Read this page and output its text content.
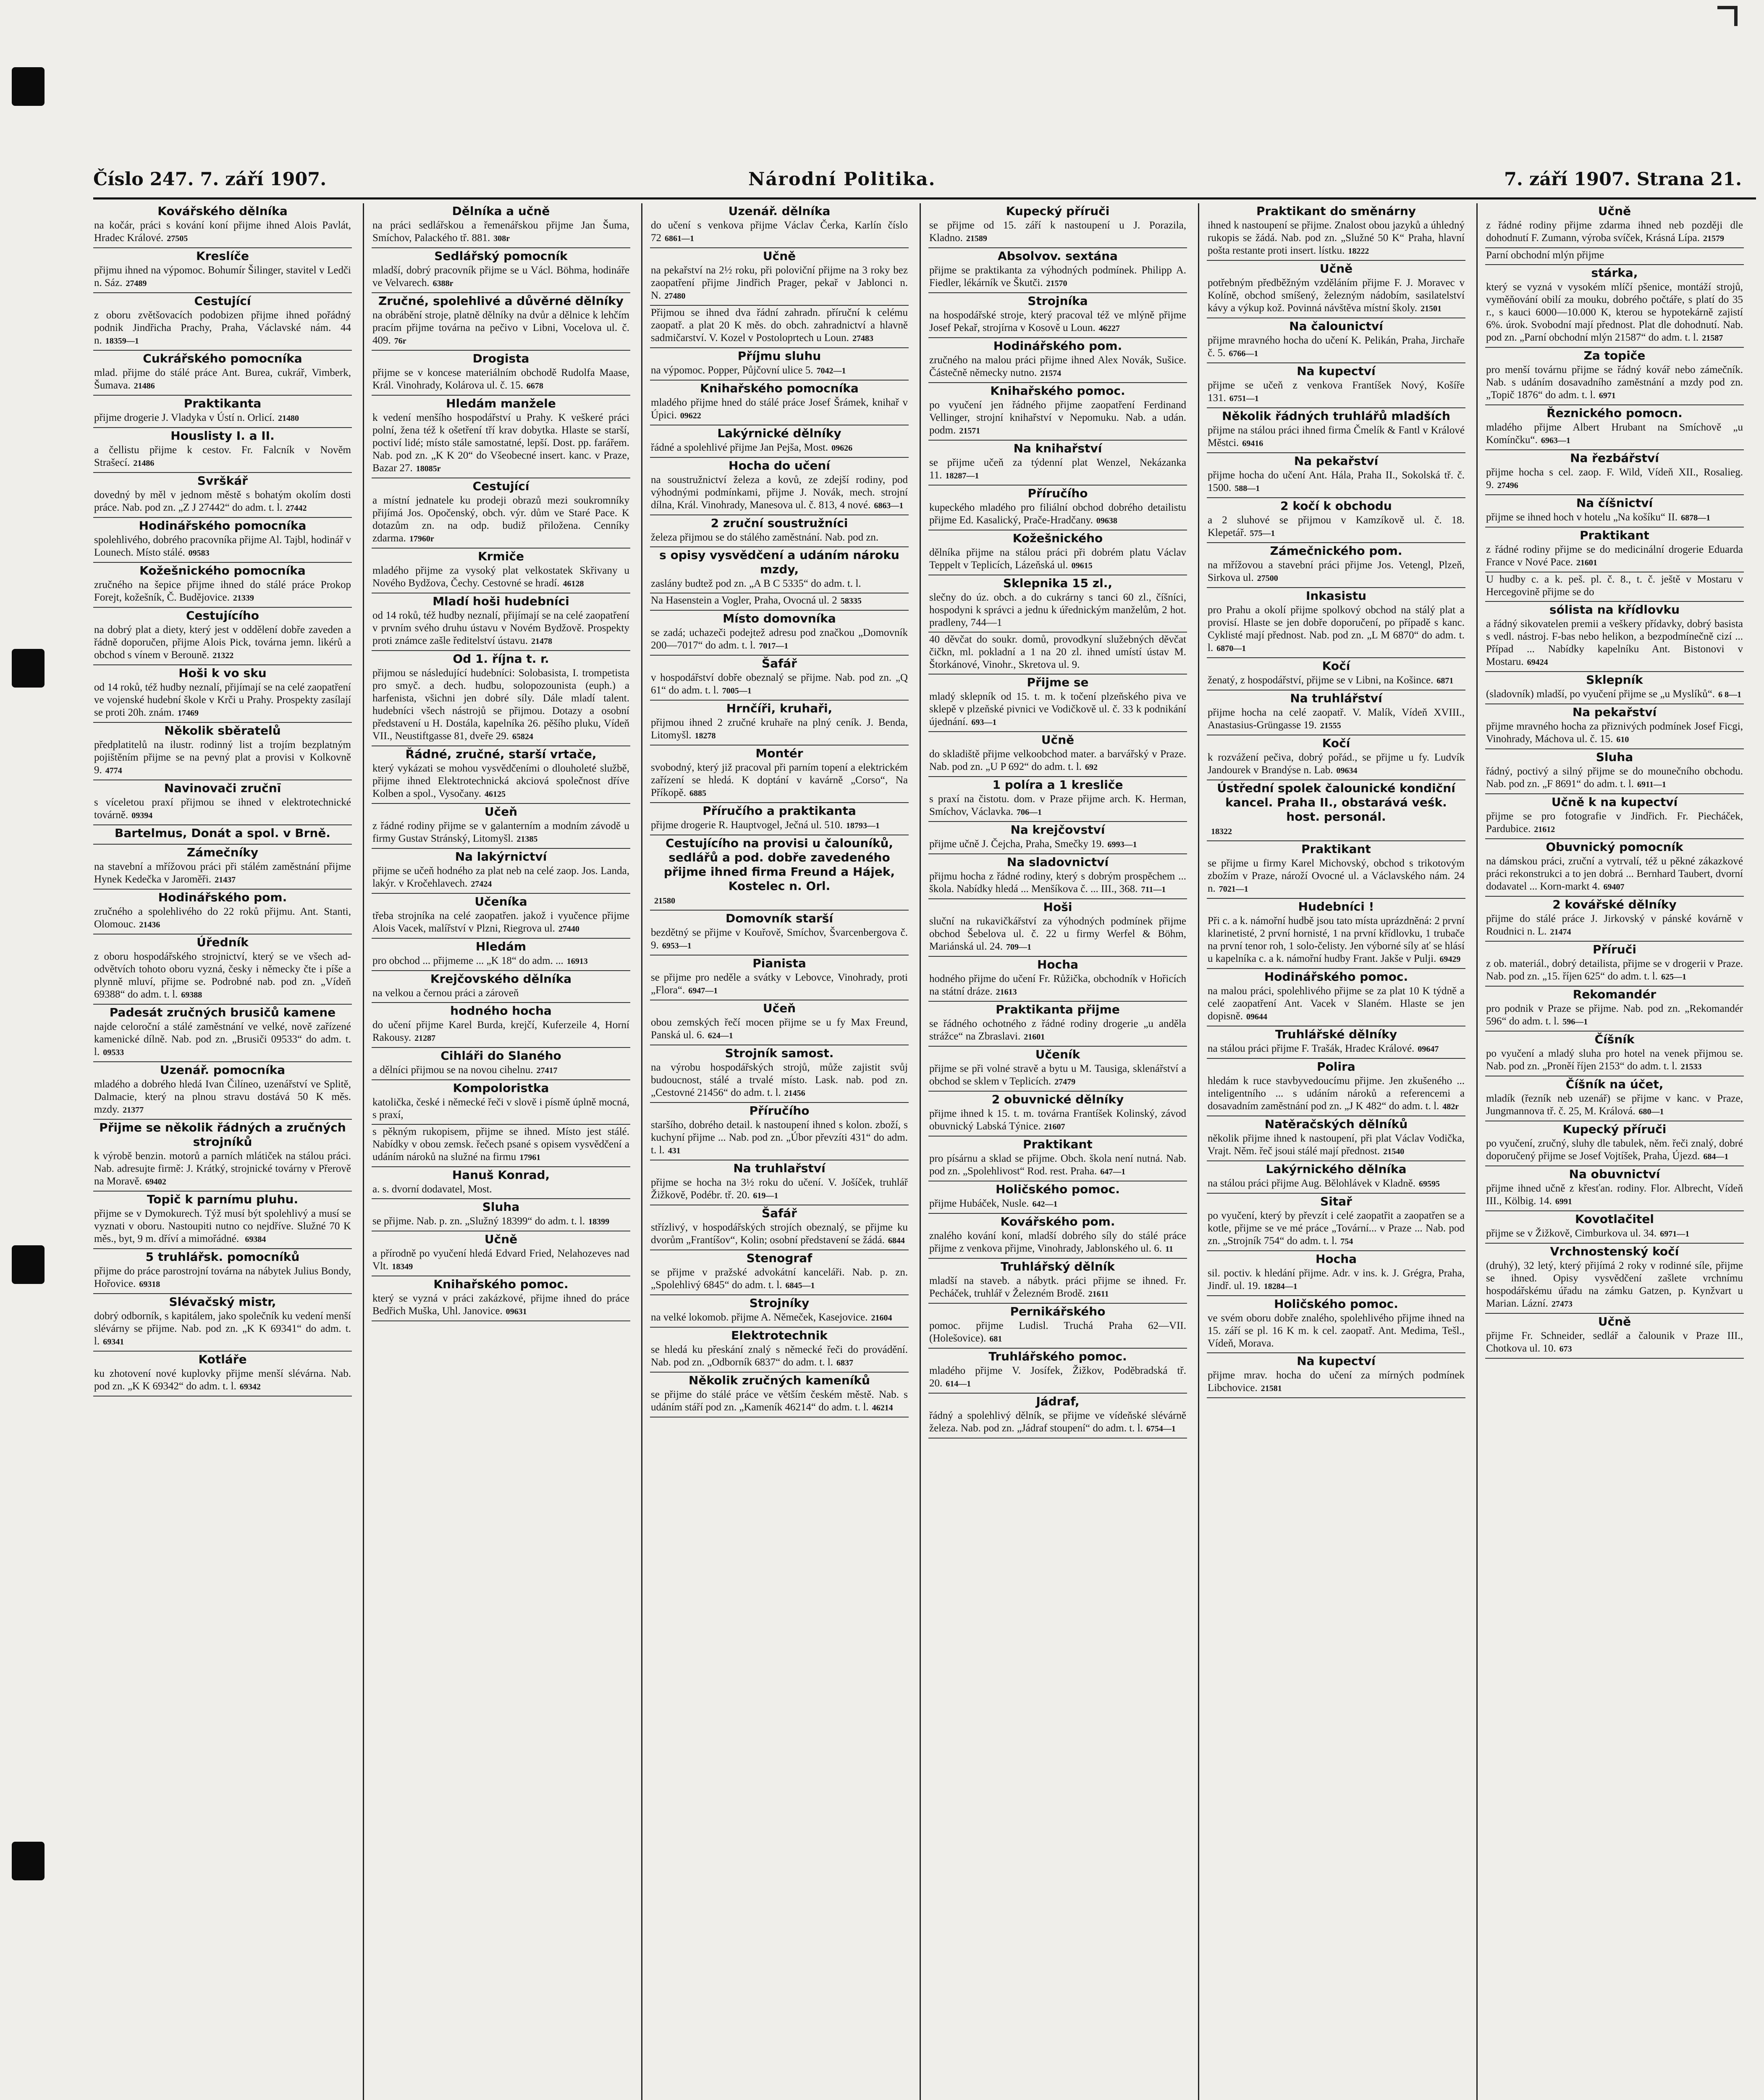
Číslo 247. 7. září 1907.	Národní Politika.	7. září 1907. Strana 21.
Kovářského dělníka
na kočár, práci s kování koní přijme ihned Alois Pavlát, Hradec Králové. 27505
Kreslíče
přijmu ihned na výpomoc. Bohumír Šilinger, stavitel v Ledči n. Sáz. 27489
Cestující
z oboru zvětšovacích podobizen přijme ihned pořádný podnik Jindřicha Prachy, Praha, Václavské nám. 44 n. 18359—1
Cukrářského pomocníka
mlad. přijme do stálé práce Ant. Burea, cukrář, Vimberk, Šumava. 21486
Praktikanta
přijme drogerie J. Vladyka v Ústí n. Orlicí. 21480
Houslisty I. a II.
a čellistu přijme k cestov. Fr. Falcník v Nověm Strašecí. 21486
Svrškář
dovedný by měl v jednom městě s bohatým okolím dosti práce. Nab. pod zn. „Z J 27442“ do adm. t. l. 27442
Hodinářského pomocníka
spolehlivého, dobrého pracovníka přijme Al. Tajbl, hodinář v Lounech. Místo stálé. 09583
Kožešnického pomocníka
zručného na šepice přijme ihned do stálé práce Prokop Forejt, kožešník, Č. Budějovice. 21339
Cestujícího
na dobrý plat a diety, který jest v oddělení dobře zaveden a řádně doporučen, přijme Alois Pick, továrna jemn. likérů a obchod s vínem v Berouně. 21322
Hoši k vo sku
od 14 roků, též hudby neznalí, přijímají se na celé zaopatření ve vojenské hudební škole v Krči u Prahy. Prospekty zasílají se proti 20h. znám. 17469
Několik sběratelů
předplatitelů na ilustr. rodinný list a trojím bezplatným pojištěním přijme se na pevný plat a provisi v Kolkovně 9. 4774
Navinovači zručnī
s víceletou praxí přijmou se ihned v elektrotechnické továrně. 09394
Bartelmus, Donát a spol. v Brně.
Zámečníky
na stavební a mřížovou práci při stálém zaměstnání přijme Hynek Kedečka v Jaroměři. 21437
Hodinářského pom.
zručného a spolehlivého do 22 roků přijmu. Ant. Stanti, Olomouc. 21436
Úředník
z oboru hospodářského strojnictví, který se ve všech ad-odvětvích tohoto oboru vyzná, česky i německy čte i píše a plynně mluví, přijme se. Podrobné nab. pod zn. „Vídeň 69388“ do adm. t. l. 69388
Padesát zručných brusičů kamene
najde celoroční a stálé zaměstnání ve velké, nově zařízené kamenické dílně. Nab. pod zn. „Brusiči 09533“ do adm. t. l. 09533
Uzenář. pomocníka
mladého a dobrého hledá Ivan Čilíneo, uzenářství ve Splitě, Dalmacie, který na plnou stravu dostává 50 K měs. mzdy. 21377
Přijme se několik řádných a zručných strojníků
k výrobě benzin. motorů a parních mlátiček na stálou práci. Nab. adresujte firmě: J. Krátký, strojnické továrny v Přerově na Moravě. 69402
Topič k parnímu pluhu.
přijme se v Dymokurech. Týž musí být spolehlivý a musí se vyznati v oboru. Nastoupiti nutno co nejdříve. Služné 70 K měs., byt, 9 m. dříví a mimořádné. 69384
5 truhlářsk. pomocníků
přijme do práce parostrojní továrna na nábytek Julius Bondy, Hořovice. 69318
Slévačský mistr,
dobrý odborník, s kapitálem, jako společník ku vedení menší slévárny se přijme. Nab. pod zn. „K K 69341“ do adm. t. l. 69341
Kotláře
ku zhotovení nové kuplovky přijme menší slévárna. Nab. pod zn. „K K 69342“ do adm. t. l. 69342
Dělníka a učně
na práci sedlářskou a řemenářskou přijme Jan Šuma, Smíchov, Palackého tř. 881. 308r
Sedlářský pomocník
mladší, dobrý pracovník přijme se u Václ. Böhma, hodináře ve Velvarech. 6388r
Zručné, spolehlivé a důvěrné dělníky
na obrábění stroje, platně dělníky na dvůr a dělnice k lehčím pracím přijme továrna na pečivo v Libni, Vocelova ul. č. 409. 76r
Drogista
přijme se v koncese materiálním obchodě Rudolfa Maase, Král. Vinohrady, Kolárova ul. č. 15. 6678
Hledám manžele
k vedení menšího hospodářství u Prahy. K veškeré práci polní, žena též k ošetření tří krav dobytka. Hlaste se starší, poctiví lidé; místo stále samostatné, lepší. Dost. pp. farářem. Nab. pod zn. „K K 20“ do Všeobecné insert. kanc. v Praze, Bazar 27. 18085r
Cestující
a místní jednatele ku prodeji obrazů mezi soukromníky přijímá Jos. Opočenský, obch. výr. dům ve Staré Pace. K dotazům zn. na odp. budiž přiložena. Cenníky zdarma. 17960r
Krmiče
mladého přijme za vysoký plat velkostatek Skřivany u Nového Bydžova, Čechy. Cestovné se hradí. 46128
Mladí hoši hudebníci
od 14 roků, též hudby neznalí, přijímají se na celé zaopatření v prvním svého druhu ústavu v Novém Bydžově. Prospekty proti známce zašle ředitelství ústavu. 21478
Od 1. října t. r.
přijmou se následující hudebníci: Solobasista, I. trompetista pro smyč. a dech. hudbu, solopozounista (euph.) a harfenista, všichni jen dobré síly. Dále mladí talent. hudebníci všech nástrojů se přijmou. Dotazy a osobní představení u H. Dostála, kapelníka 26. pěšího pluku, Vídeň VII., Neustiftgasse 81, dveře 29. 65824
Řádné, zručné, starší vrtače,
který vykázati se mohou vysvědčeními o dlouholeté službě, přijme ihned Elektrotechnická akciová společnost dříve Kolben a spol., Vysočany. 46125
Učeň
z řádné rodiny přijme se v galanterním a modním závodě u firmy Gustav Stránský, Litomyšl. 21385
Na lakýrnictví
přijme se učeň hodného za plat neb na celé zaop. Jos. Landa, lakýr. v Kročehlavech. 27424
Učeníka
třeba strojníka na celé zaopatřen. jakož i vyučence přijme Alois Vacek, malířství v Plzni, Riegrova ul. 27440
Hledám
pro obchod ... přijmeme ... „K 18“ do adm. ... 16913
Krejčovského dělníka
na velkou a černou práci a zároveň
hodného hocha
do učení přijme Karel Burda, krejčí, Kuferzeile 4, Horní Rakousy. 21287
Cihláři do Slaného
a dělníci přijmou se na novou cihelnu. 27417
Kompoloristka
katolička, české i německé řeči v slově i písmě úplně mocná, s praxí,
s pěkným rukopisem, přijme se ihned. Místo jest stálé. Nabídky v obou zemsk. řečech psané s opisem vysvědčení a udáním nároků na služné na firmu 17961
Hanuš Konrad,
a. s. dvorní dodavatel, Most.
Sluha
se přijme. Nab. p. zn. „Služný 18399“ do adm. t. l. 18399
Učně
a přírodně po vyučení hledá Edvard Fried, Nelahozeves nad Vlt. 18349
Knihařského pomoc.
který se vyzná v práci zakázkové, přijme ihned do práce Bedřich Muška, Uhl. Janovice. 09631
Uzenář. dělníka
do učení s venkova přijme Václav Čerka, Karlín číslo 72 6861—1
Učně
na pekařství na 2½ roku, při poloviční přijme na 3 roky bez zaopatření přijme Jindřich Prager, pekař v Jablonci n. N. 27480
Přijmou se ihned dva řádní zahradn. příruční k celému zaopatř. a plat 20 K měs. do obch. zahradnictví a hlavně sadmičarství. V. Kozel v Postoloprtech u Loun. 27483
Příjmu sluhu
na výpomoc. Popper, Půjčovní ulice 5. 7042—1
Knihařského pomocníka
mladého přijme hned do stálé práce Josef Šrámek, knihař v Úpici. 09622
Lakýrnické dělníky
řádné a spolehlivé přijme Jan Pejša, Most. 09626
Hocha do učení
na soustružnictví železa a kovů, ze zdejší rodiny, pod výhodnými podmínkami, přijme J. Novák, mech. strojní dílna, Král. Vinohrady, Manesova ul. č. 813, 4 nové. 6863—1
2 zruční soustružníci
železa přijmou se do stálého zaměstnání. Nab. pod zn.
s opisy vysvědčení a udáním nároku mzdy,
zaslány budtež pod zn. „A B C 5335“ do adm. t. l.
Na Hasenstein a Vogler, Praha, Ovocná ul. 2 58335
Místo domovníka
se zadá; uchazeči podejtež adresu pod značkou „Domovník 200—7017“ do adm. t. l. 7017—1
Šafář
v hospodářství dobře obeznalý se přijme. Nab. pod zn. „Q 61“ do adm. t. l. 7005—1
Hrnčíři, kruhaři,
přijmou ihned 2 zručné kruhaře na plný ceník. J. Benda, Litomyšl. 18278
Montér
svobodný, který již pracoval při parním topení a elektrickém zařízení se hledá. K doptání v kavárně „Corso“, Na Příkopě. 6885
Příručího a praktikanta
přijme drogerie R. Hauptvogel, Ječná ul. 510. 18793—1
Cestujícího na provisi u čalouníků, sedlářů a pod. dobře zavedeného přijme ihned firma Freund a Hájek, Kostelec n. Orl.
21580
Domovník starší
bezdětný se přijme v Kouřově, Smíchov, Švarcenbergova č. 9. 6953—1
Pianista
se přijme pro neděle a svátky v Lebovce, Vinohrady, proti „Flora“. 6947—1
Učeň
obou zemských řečí mocen přijme se u fy Max Freund, Panská ul. 6. 624—1
Strojník samost.
na výrobu hospodářských strojů, může zajistit svůj budoucnost, stálé a trvalé místo. Lask. nab. pod zn. „Cestovné 21456“ do adm. t. l. 21456
Příručího
staršího, dobrého detail. k nastoupení ihned s kolon. zboží, s kuchyní přijme ... Nab. pod zn. „Úbor převzíti 431“ do adm. t. l. 431
Na truhlařství
přijme se hocha na 3½ roku do učení. V. Jošíček, truhlář Žižkově, Podébr. tř. 20. 619—1
Šafář
střízlivý, v hospodářských strojích obeznalý, se přijme ku dvorům „Frantíšov“, Kolin; osobní představení se žádá. 6844
Stenograf
se přijme v pražské advokátní kanceláři. Nab. p. zn. „Spolehlivý 6845“ do adm. t. l. 6845—1
Strojníky
na velké lokomob. přijme A. Němeček, Kasejovice. 21604
Elektrotechnik
se hledá ku přeskání znalý s německé řeči do provádění. Nab. pod zn. „Odborník 6837“ do adm. t. l. 6837
Několik zručných kameníků
se přijme do stálé práce ve větším českém městě. Nab. s udáním stáří pod zn. „Kameník 46214“ do adm. t. l. 46214
Kupecký příruči
se přijme od 15. září k nastoupení u J. Porazila, Kladno. 21589
Absolvov. sextána
přijme se praktikanta za výhodných podmínek. Philipp A. Fiedler, lékárník ve Škutči. 21570
Strojníka
na hospodářské stroje, který pracoval též ve mlýně přijme Josef Pekař, strojírna v Kosově u Loun. 46227
Hodinářského pom.
zručného na malou práci přijme ihned Alex Novák, Sušice. Částečně německy nutno. 21574
Knihařského pomoc.
po vyučení jen řádného přijme zaopatření Ferdinand Vellinger, strojní knihařství v Nepomuku. Nab. a udán. podm. 21571
Na knihařství
se přijme učeň za týdenní plat Wenzel, Nekázanka 11. 18287—1
Příručího
kupeckého mladého pro filiální obchod dobrého detailistu přijme Ed. Kasalický, Prače-Hradčany. 09638
Kožešnického
dělníka přijme na stálou práci při dobrém platu Václav Teppelt v Teplicích, Lázeňská ul. 09615
Sklepnika 15 zl.,
slečny do úz. obch. a do cukrárny s tanci 60 zl., číšníci, hospodyni k správci a jednu k úřednickým manželům, 2 hot. pradleny, 744—1
40 děvčat do soukr. domů, provodkyní služebných děvčat čičkn, ml. pokladní a 1 na 20 zl. ihned umístí ústav M. Štorkánové, Vinohr., Skretova ul. 9.
Přijme se
mladý sklepník od 15. t. m. k točení plzeňského piva ve sklepě v plzeňské pivnici ve Vodičkově ul. č. 33 k podnikání újednání. 693—1
Učně
do skladiště přijme velkoobchod mater. a barvářský v Praze. Nab. pod zn. „U P 692“ do adm. t. l. 692
1 políra a 1 kresliče
s praxí na čistotu. dom. v Praze přijme arch. K. Herman, Smíchov, Václavka. 706—1
Na krejčovství
přijme učně J. Čejcha, Praha, Smečky 19. 6993—1
Na sladovnictví
přijmu hocha z řádné rodiny, který s dobrým prospěchem ... škola. Nabídky hledá ... Menšíkova č. ... III., 368. 711—1
Hoši
sluční na rukavičkářství za výhodných podmínek přijme obchod Šebelova ul. č. 22 u firmy Werfel & Böhm, Mariánská ul. 24. 709—1
Hocha
hodného přijme do učení Fr. Růžička, obchodník v Hořicích na státní dráze. 21613
Praktikanta přijme
se řádného ochotného z řádné rodiny drogerie „u anděla strážce“ na Zbraslavi. 21601
Učeník
přijme se při volné stravě a bytu u M. Tausiga, sklenářství a obchod se sklem v Teplicích. 27479
2 obuvnické dělníky
přijme ihned k 15. t. m. továrna Frantíšek Kolinský, závod obuvnický Labská Týnice. 21607
Praktikant
pro písárnu a sklad se přijme. Obch. škola není nutná. Nab. pod zn. „Spolehlivost“ Rod. rest. Praha. 647—1
Holičského pomoc.
přijme Hubáček, Nusle. 642—1
Kovářského pom.
znalého kování koní, mladší dobrého síly do stálé práce přijme z venkova přijme, Vinohrady, Jablonského ul. 6. 11
Truhlářský dělník
mladší na staveb. a nábytk. práci přijme se ihned. Fr. Pecháček, truhlář v Železném Brodě. 21611
Pernikářského
pomoc. přijme Ludisl. Truchá Praha 62—VII. (Holešovice). 681
Truhlářského pomoc.
mladého přijme V. Josífek, Žižkov, Poděbradská tř. 20. 614—1
Jádraf,
řádný a spolehlivý dělník, se přijme ve vídeňské slévárně železa. Nab. pod zn. „Jádraf stoupení“ do adm. t. l. 6754—1
Praktikant do směnárny
ihned k nastoupení se přijme. Znalost obou jazyků a úhledný rukopis se žádá. Nab. pod zn. „Služné 50 K“ Praha, hlavní pošta restante proti insert. lístku. 18222
Učně
potřebným předběžným vzděláním přijme F. J. Moravec v Kolíně, obchod smíšený, železným nádobím, sasilatelství kávy a výkup kož. Povinná návštěva místní školy. 21501
Na čalounictví
přijme mravného hocha do učení K. Pelikán, Praha, Jirchaře č. 5. 6766—1
Na kupectví
přijme se učeň z venkova Frantíšek Nový, Košíře 131. 6751—1
Několik řádných truhlářů mladších
přijme na stálou práci ihned firma Čmelík & Fantl v Králové Městci. 69416
Na pekařství
přijme hocha do učení Ant. Hála, Praha II., Sokolská tř. č. 1500. 588—1
2 kočí k obchodu
a 2 sluhové se přijmou v Kamzíkově ul. č. 18. Klepetář. 575—1
Zámečnického pom.
na mřížovou a stavební práci přijme Jos. Vetengl, Plzeň, Sirkova ul. 27500
Inkasistu
pro Prahu a okolí přijme spolkový obchod na stálý plat a provisí. Hlaste se jen dobře doporučení, po případě s kanc. Cyklisté mají přednost. Nab. pod zn. „L M 6870“ do adm. t. l. 6870—1
Kočí
ženatý, z hospodářství, přijme se v Libni, na Košince. 6871
Na truhlářství
přijme hocha na celé zaopatř. V. Malík, Vídeň XVIII., Anastasius-Grüngasse 19. 21555
Kočí
k rozvážení pečiva, dobrý pořád., se přijme u fy. Ludvík Jandourek v Brandýse n. Lab. 09634
Ústřední spolek čalounické kondiční kancel. Praha II., obstarává veśk. host. personál.
18322
Praktikant
se přijme u firmy Karel Michovský, obchod s trikotovým zbožím v Praze, nároží Ovocné ul. a Václavského nám. 24 n. 7021—1
Hudebníci !
Při c. a k. námořní hudbě jsou tato místa uprázdněná: 2 první klarinetisté, 2 první hornisté, 1 na první křídlovku, 1 trubače na první tenor roh, 1 solo-čelisty. Jen výborné síly ať se hlásí u kapelníka c. a k. námořní hudby Frant. Jakše v Pulji. 69429
Hodinářského pomoc.
na malou práci, spolehlivého přijme se za plat 10 K týdně a celé zaopatření Ant. Vacek v Slaném. Hlaste se jen dopisně. 09644
Truhlářské dělníky
na stálou práci přijme F. Trašák, Hradec Králové. 09647
Polira
hledám k ruce stavbyvedoucímu přijme. Jen zkušeného ... inteligentního ... s udáním nároků a referencemi a dosavadním zaměstnání pod zn. „J K 482“ do adm. t. l. 482r
Natěračských dělníků
několik přijme ihned k nastoupení, při plat Václav Vodička, Vrajt. Něm. řeč jsoui stálé mají přednost. 21540
Lakýrnického dělníka
na stálou práci přijme Aug. Bělohlávek v Kladně. 69595
Sitař
po vyučení, který by převzít i celé zaopatřit a zaopatřen se a kotle, přijme se ve mé práce „Tovární... v Praze ... Nab. pod zn. „Strojník 754“ do adm. t. l. 754
Hocha
sil. poctiv. k hledání přijme. Adr. v ins. k. J. Grégra, Praha, Jindř. ul. 19. 18284—1
Holičského pomoc.
ve svém oboru dobře znalého, spolehlivého přijme ihned na 15. září se pl. 16 K m. k cel. zaopatř. Ant. Medima, Tešl., Vídeň, Morava.
Na kupectví
přijme mrav. hocha do učení za mírných podmínek Libchovice. 21581
Učně
z řádné rodiny přijme zdarma ihned neb později dle dohodnutí F. Zumann, výroba svíček, Krásná Lípa. 21579
Parní obchodní mlýn přijme
stárka,
který se vyzná v vysokém mlíčí pšenice, montáží strojů, vyměňování obilí za mouku, dobrého počtáře, s platí do 35 r., s kauci 6000—10.000 K, kterou se hypotekárně zajistí 6%. úrok. Svobodní mají přednost. Plat dle dohodnutí. Nab. pod zn. „Parní obchodní mlýn 21587“ do adm. t. l. 21587
Za topiče
pro menší továrnu přijme se řádný kovář nebo zámečník. Nab. s udáním dosavadního zaměstnání a mzdy pod zn. „Topič 1876“ do adm. t. l. 6971
Řeznického pomocn.
mladého přijme Albert Hrubant na Smíchově „u Komínčku“. 6963—1
Na řezbářství
přijme hocha s cel. zaop. F. Wild, Vídeň XII., Rosalieg. 9. 27496
Na číšnictví
přijme se ihned hoch v hotelu „Na košíku“ II. 6878—1
Praktikant
z řádné rodiny přijme se do medicinální drogerie Eduarda France v Nové Pace. 21601
U hudby c. a k. peš. pl. č. 8., t. č. ještě v Mostaru v Hercegovině přijme se do
sólista na křídlovku
a řádný sikovatelen premii a veškery přídavky, dobrý basista s vedl. nástroj. F-bas nebo helikon, a bezpodmínečně cizí ... Případ ... Nabídky kapelníku Ant. Bistonovi v Mostaru. 69424
Sklepník
(sladovník) mladší, po vyučení přijme se „u Myslíků“. 6 8—1
Na pekařství
přijme mravného hocha za přiznivých podmínek Josef Ficgi, Vinohrady, Máchova ul. č. 15. 610
Sluha
řádný, poctivý a silný přijme se do mounečního obchodu. Nab. pod zn. „F 8691“ do adm. t. l. 6911—1
Učně k na kupectví
přijme se pro fotografie v Jindřich. Fr. Piecháček, Pardubice. 21612
Obuvnický pomocník
na dámskou práci, zruční a vytrvalí, též u pěkné zákazkové práci rekonstrukci a to jen dobrá ... Bernhard Taubert, dvorní dodavatel ... Korn-markt 4. 69407
2 kovářské dělníky
přijme do stálé práce J. Jirkovský v pánské kovárně v Roudnici n. L. 21474
Příruči
z ob. materiál., dobrý detailista, přijme se v drogerii v Praze. Nab. pod zn. „15. říjen 625“ do adm. t. l. 625—1
Rekomandér
pro podnik v Praze se přijme. Nab. pod zn. „Rekomandér 596“ do adm. t. l. 596—1
Číšník
po vyučení a mladý sluha pro hotel na venek přijmou se. Nab. pod zn. „Proněí říjen 2153“ do adm. t. l. 21533
Číšník na účet,
mladík (řezník neb uzenář) se přijme v kanc. v Praze, Jungmannova tř. č. 25, M. Králová. 680—1
Kupecký příruči
po vyučení, zručný, sluhy dle tabulek, něm. řeči znalý, dobré doporučený přijme se Josef Vojtíšek, Praha, Újezd. 684—1
Na obuvnictví
přijme ihned učně z křesťan. rodiny. Flor. Albrecht, Vídeň III., Kölbig. 14. 6991
Kovotlačitel
přijme se v Žižkově, Cimburkova ul. 34. 6971—1
Vrchnostenský kočí
(druhý), 32 letý, který přijímá 2 roky v rodinné síle, přijme se ihned. Opisy vysvědčení zašlete vrchnímu hospodářskému úřadu na zámku Gatzen, p. Kynžvart u Marian. Lázní. 27473
Učně
přijme Fr. Schneider, sedlář a čalounik v Praze III., Chotkova ul. 10. 673
